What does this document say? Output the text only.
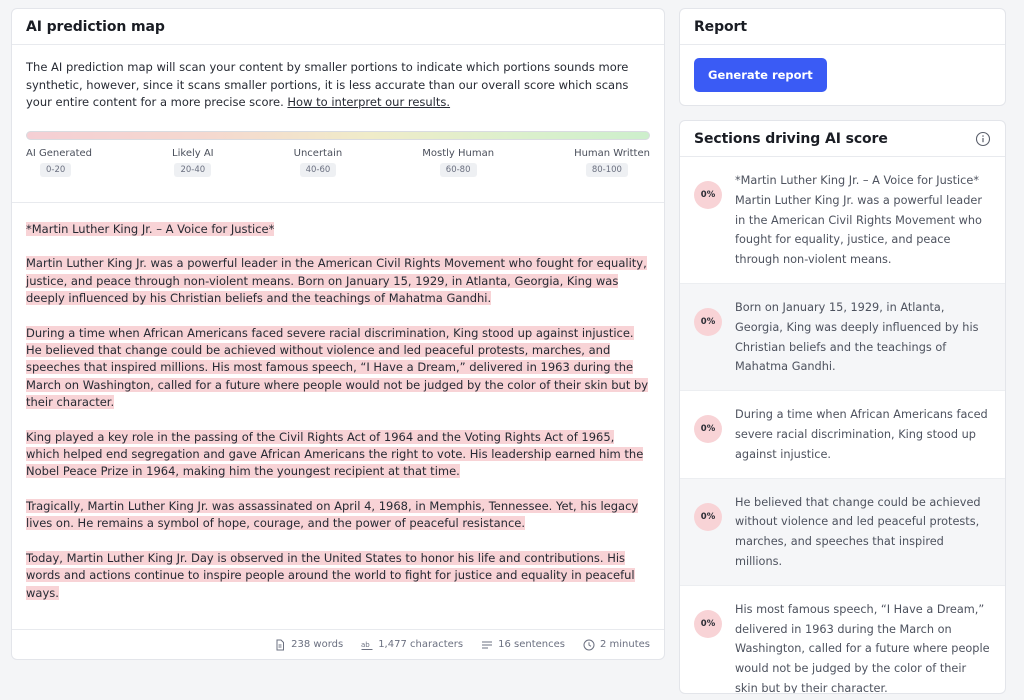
AI prediction map
The AI prediction map will scan your content by smaller portions to indicate which portions sounds more synthetic, however, since it scans smaller portions, it is less accurate than our overall score which scans your entire content for a more precise score. How to interpret our results.
AI Generated
0-20
Likely AI
20-40
Uncertain
40-60
Mostly Human
60-80
Human Written
80-100

*Martin Luther King Jr. – A Voice for Justice*

Martin Luther King Jr. was a powerful leader in the American Civil Rights Movement who fought for equality, justice, and peace through non-violent means. Born on January 15, 1929, in Atlanta, Georgia, King was deeply influenced by his Christian beliefs and the teachings of Mahatma Gandhi.

During a time when African Americans faced severe racial discrimination, King stood up against injustice. He believed that change could be achieved without violence and led peaceful protests, marches, and speeches that inspired millions. His most famous speech, “I Have a Dream,” delivered in 1963 during the March on Washington, called for a future where people would not be judged by the color of their skin but by their character.

King played a key role in the passing of the Civil Rights Act of 1964 and the Voting Rights Act of 1965, which helped end segregation and gave African Americans the right to vote. His leadership earned him the Nobel Peace Prize in 1964, making him the youngest recipient at that time.

Tragically, Martin Luther King Jr. was assassinated on April 4, 1968, in Memphis, Tennessee. Yet, his legacy lives on. He remains a symbol of hope, courage, and the power of peaceful resistance.

Today, Martin Luther King Jr. Day is observed in the United States to honor his life and contributions. His words and actions continue to inspire people around the world to fight for justice and equality in peaceful ways.

238 words	ab 1,477 characters	16 sentences	2 minutes
Report
Generate report
Sections driving AI score
0%
*Martin Luther King Jr. – A Voice for Justice* Martin Luther King Jr. was a powerful leader in the American Civil Rights Movement who fought for equality, justice, and peace through non-violent means.
0%
Born on January 15, 1929, in Atlanta, Georgia, King was deeply influenced by his Christian beliefs and the teachings of Mahatma Gandhi.
0%
During a time when African Americans faced severe racial discrimination, King stood up against injustice.
0%
He believed that change could be achieved without violence and led peaceful protests, marches, and speeches that inspired millions.
0%
His most famous speech, “I Have a Dream,” delivered in 1963 during the March on Washington, called for a future where people would not be judged by the color of their skin but by their character.
